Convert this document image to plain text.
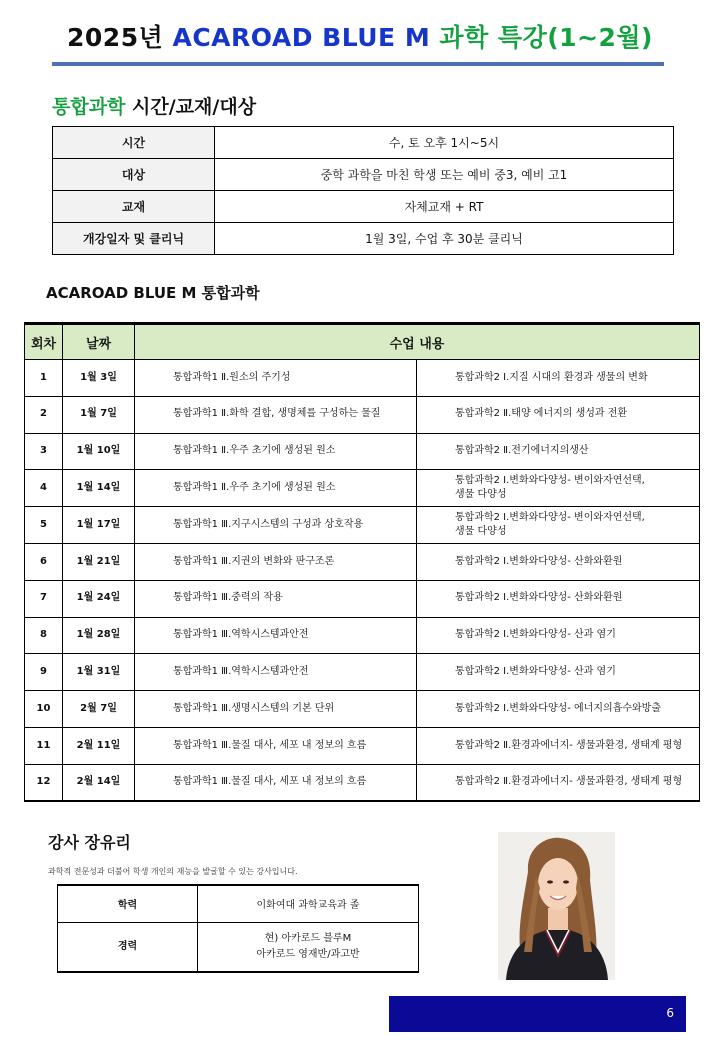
2025년 ACAROAD BLUE M 과학 특강(1~2월)
통합과학 시간/교재/대상
시간	수, 토 오후 1시~5시
대상	중학 과학을 마친 학생 또는 예비 중3, 예비 고1
교재	자체교재 + RT
개강일자 및 클리닉	1월 3일, 수업 후 30분 클리닉
ACAROAD BLUE M 통합과학
회차	날짜	수업 내용	
1	1월 3일	통합과학1 Ⅱ.원소의 주기성	통합과학2 Ⅰ.지질 시대의 환경과 생물의 변화
2	1월 7일	통합과학1 Ⅱ.화학 결합, 생명체를 구성하는 물질	통합과학2 Ⅱ.태양 에너지의 생성과 전환
3	1월 10일	통합과학1 Ⅱ.우주 초기에 생성된 원소	통합과학2 Ⅱ.전기에너지의생산
4	1월 14일	통합과학1 Ⅱ.우주 초기에 생성된 원소	통합과학2 Ⅰ.변화와다양성- 변이와자연선택,
생물 다양성

5	1월 17일	통합과학1 Ⅲ.지구시스템의 구성과 상호작용	통합과학2 Ⅰ.변화와다양성- 변이와자연선택,
생물 다양성

6	1월 21일	통합과학1 Ⅲ.지권의 변화와 판구조론	통합과학2 Ⅰ.변화와다양성- 산화와환원
7	1월 24일	통합과학1 Ⅲ.중력의 작용	통합과학2 Ⅰ.변화와다양성- 산화와환원
8	1월 28일	통합과학1 Ⅲ.역학시스템과안전	통합과학2 Ⅰ.변화와다양성- 산과 염기
9	1월 31일	통합과학1 Ⅲ.역학시스템과안전	통합과학2 Ⅰ.변화와다양성- 산과 염기
10	2월 7일	통합과학1 Ⅲ.생명시스템의 기본 단위	통합과학2 Ⅰ.변화와다양성- 에너지의흡수와방출
11	2월 11일	통합과학1 Ⅲ.물질 대사, 세포 내 정보의 흐름	통합과학2 Ⅱ.환경과에너지- 생물과환경, 생태계 평형
12	2월 14일	통합과학1 Ⅲ.물질 대사, 세포 내 정보의 흐름	통합과학2 Ⅱ.환경과에너지- 생물과환경, 생태계 평형
강사 장유리
과학적 전문성과 더불어 학생 개인의 재능을 발굴할 수 있는 강사입니다.
학력	이화여대 과학교육과 졸
경력	현) 아카로드 블루M
아카로드 영재반/과고반
6
